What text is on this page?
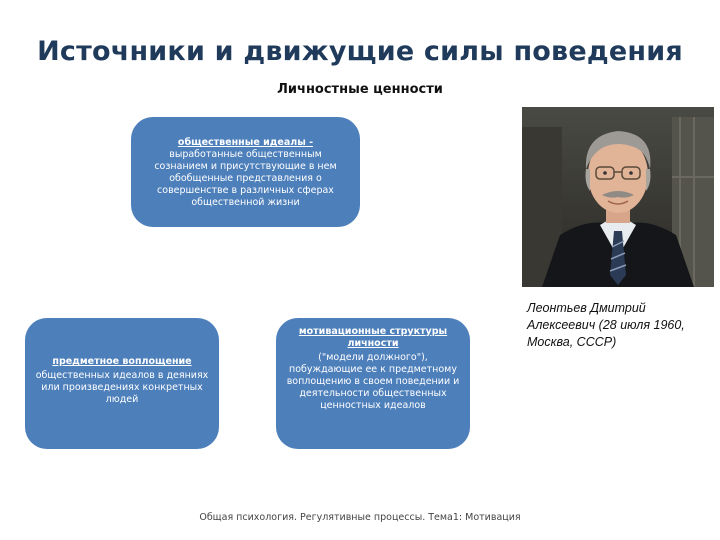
Источники и движущие силы поведения
Личностные ценности
общественные идеалы - выработанные общественным сознанием и присутствующие в нем обобщенные представления о совершенстве в различных сферах общественной жизни
предметное воплощение
общественных идеалов в деяниях или произведениях конкретных людей
мотивационные структуры личности
("модели должного"), побуждающие ее к предметному воплощению в своем поведении и деятельности общественных ценностных идеалов
Леонтьев Дмитрий Алексеевич (28 июля 1960, Москва, СССР)
Общая психология. Регулятивные процессы. Тема1: Мотивация
